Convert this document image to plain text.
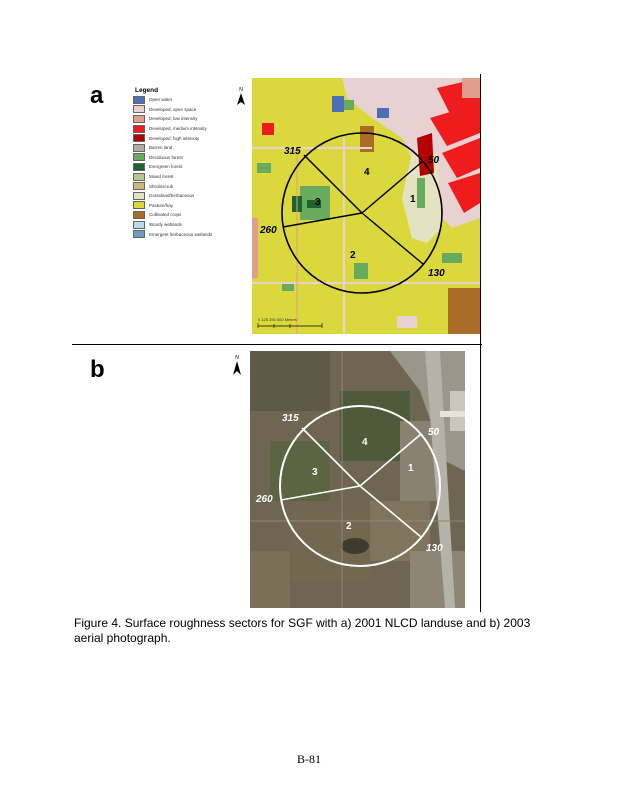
a	Legend
Open water
Developed, open space
Developed, low intensity
Developed, medium intensity
Developed, high intensity
Barren land
Deciduous forest
Evergreen forest
Mixed forest
Shrub/scrub
Grassland/herbaceous
Pasture/hay
Cultivated crops
Woody wetlands
Emergent herbaceous wetlands
N
315
50
260
130
1
2
3
4
0 125 250 500 Meters
b	N
315
50
260
130
1
2
3
4
Figure 4. Surface roughness sectors for SGF with a) 2001 NLCD landuse and b) 2003 aerial photograph.
B-81
